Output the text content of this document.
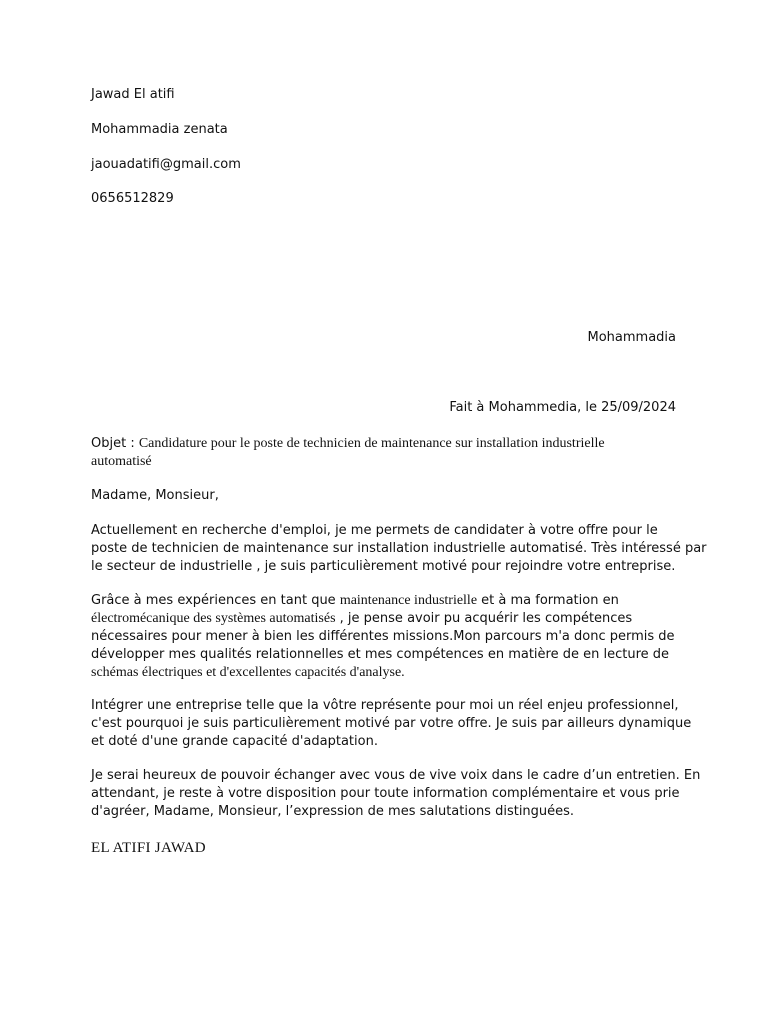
Jawad El atifi
Mohammadia zenata
jaouadatifi@gmail.com
0656512829
Mohammadia
Fait à Mohammedia, le 25/09/2024
Objet : Candidature pour le poste de technicien de maintenance sur installation industrielle
automatisé
Madame, Monsieur,
Actuellement en recherche d'emploi, je me permets de candidater à votre offre pour le
poste de technicien de maintenance sur installation industrielle automatisé. Très intéressé par
le secteur de industrielle , je suis particulièrement motivé pour rejoindre votre entreprise.
Grâce à mes expériences en tant que maintenance industrielle et à ma formation en
électromécanique des systèmes automatisés , je pense avoir pu acquérir les compétences
nécessaires pour mener à bien les différentes missions.Mon parcours m'a donc permis de
développer mes qualités relationnelles et mes compétences en matière de en lecture de
schémas électriques et d'excellentes capacités d'analyse.
Intégrer une entreprise telle que la vôtre représente pour moi un réel enjeu professionnel,
c'est pourquoi je suis particulièrement motivé par votre offre. Je suis par ailleurs dynamique
et doté d'une grande capacité d'adaptation.
Je serai heureux de pouvoir échanger avec vous de vive voix dans le cadre d’un entretien. En
attendant, je reste à votre disposition pour toute information complémentaire et vous prie
d'agréer, Madame, Monsieur, l’expression de mes salutations distinguées.
EL ATIFI JAWAD
